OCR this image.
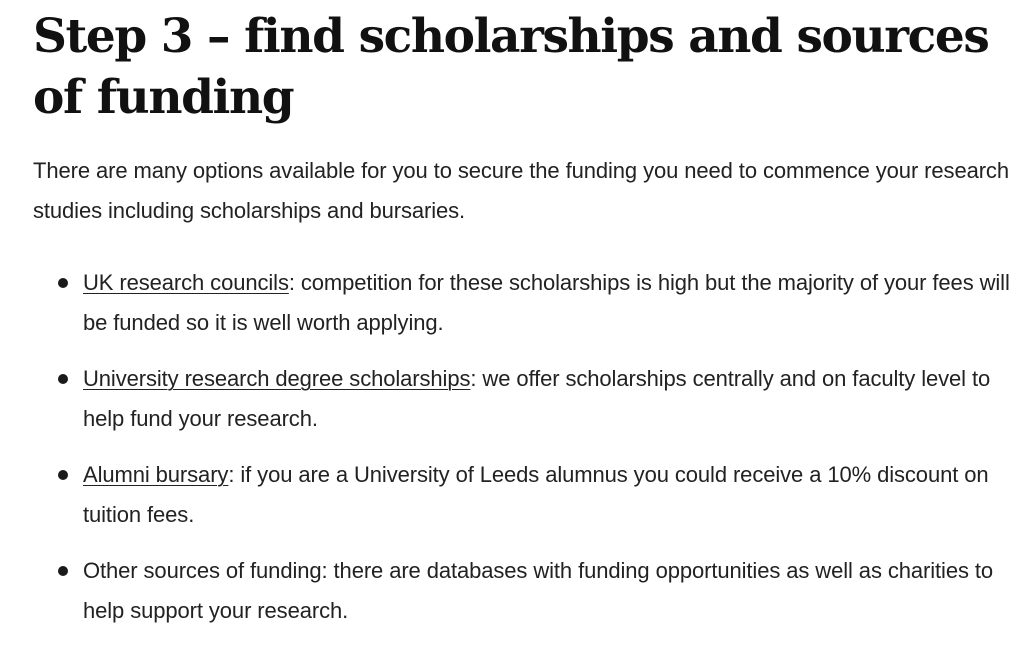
Step 3 – find scholarships and sources of funding

There are many options available for you to secure the funding you need to commence your research studies including scholarships and bursaries.

UK research councils: competition for these scholarships is high but the majority of your fees will be funded so it is well worth applying.
University research degree scholarships: we offer scholarships centrally and on faculty level to help fund your research.
Alumni bursary: if you are a University of Leeds alumnus you could receive a 10% discount on tuition fees.
Other sources of funding: there are databases with funding opportunities as well as charities to help support your research.
